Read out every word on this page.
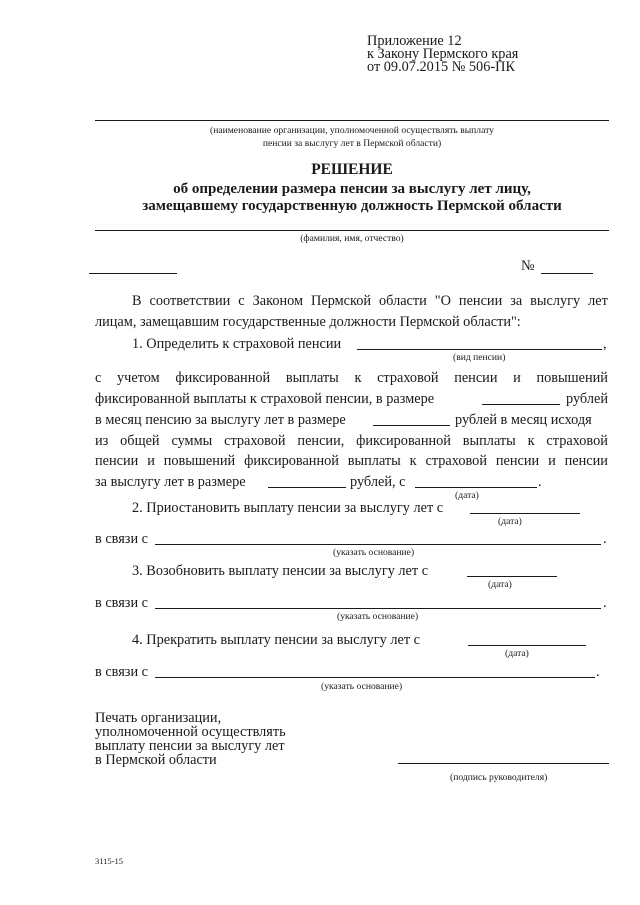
Приложение 12
к Закону Пермского края
от 09.07.2015 № 506-ПК
(наименование организации, уполномоченной осуществлять выплату
пенсии за выслугу лет в Пермской области)
РЕШЕНИЕ
об определении размера пенсии за выслугу лет лицу,
замещавшему государственную должность Пермской области
(фамилия, имя, отчество)
№
В соответствии с Законом Пермской области "О пенсии за выслугу лет
лицам, замещавшим государственные должности Пермской области":
1. Определить к страховой пенсии	,
(вид пенсии)
с учетом фиксированной выплаты к страховой пенсии и повышений
фиксированной выплаты к страховой пенсии, в размере	рублей
в месяц пенсию за выслугу лет в размере	рублей в месяц исходя
из общей суммы страховой пенсии, фиксированной выплаты к страховой
пенсии и повышений фиксированной выплаты к страховой пенсии и пенсии
за выслугу лет в размере	рублей, с	.
(дата)
2. Приостановить выплату пенсии за выслугу лет с
(дата)
в связи с	.
(указать основание)
3. Возобновить выплату пенсии за выслугу лет с
(дата)
в связи с	.
(указать основание)
4. Прекратить выплату пенсии за выслугу лет с
(дата)
в связи с	.
(указать основание)
Печать организации,
уполномоченной осуществлять
выплату пенсии за выслугу лет
в Пермской области
(подпись руководителя)
3115-15
